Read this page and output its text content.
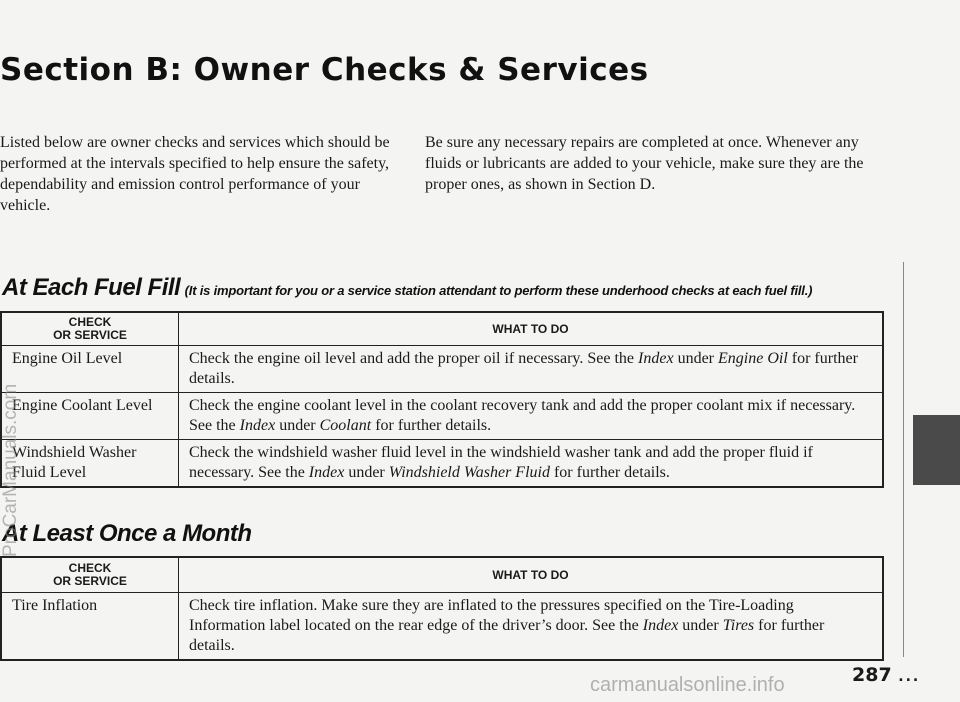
Section B: Owner Checks & Services
Listed below are owner checks and services which should be performed at the intervals specified to help ensure the safety, dependability and emission control performance of your vehicle.
Be sure any necessary repairs are completed at once. Whenever any fluids or lubricants are added to your vehicle, make sure they are the proper ones, as shown in Section D.
At Each Fuel Fill (It is important for you or a service station attendant to perform these underhood checks at each fuel fill.)
CHECK
OR SERVICE	WHAT TO DO
Engine Oil Level	Check the engine oil level and add the proper oil if necessary. See the Index under Engine Oil for further details.
Engine Coolant Level	Check the engine coolant level in the coolant recovery tank and add the proper coolant mix if necessary. See the Index under Coolant for further details.
Windshield Washer Fluid Level	Check the windshield washer fluid level in the windshield washer tank and add the proper fluid if necessary. See the Index under Windshield Washer Fluid for further details.
At Least Once a Month
CHECK
OR SERVICE	WHAT TO DO
Tire Inflation	Check tire inflation. Make sure they are inflated to the pressures specified on the Tire-Loading Information label located on the rear edge of the driver’s door. See the Index under Tires for further details.
287 ...
ProCarManuals.com
carmanualsonline.info
